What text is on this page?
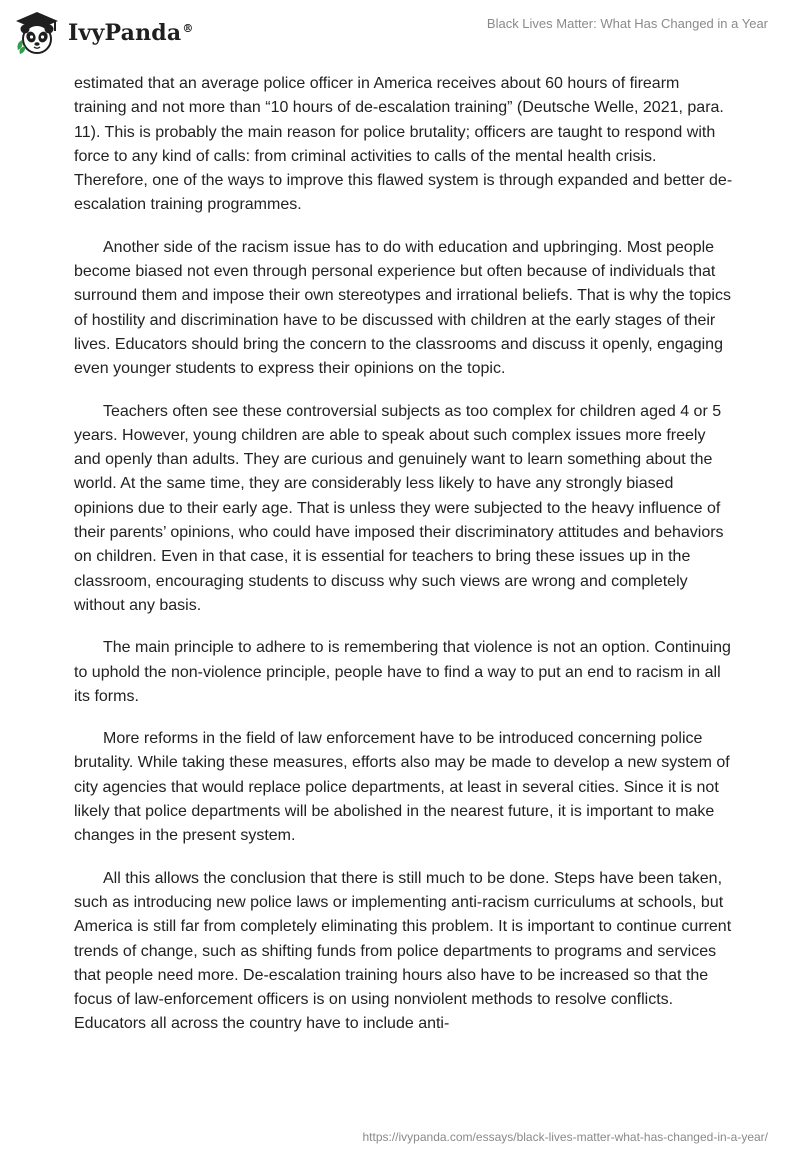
IvyPanda®	Black Lives Matter: What Has Changed in a Year

estimated that an average police officer in America receives about 60 hours of firearm training and not more than “10 hours of de-escalation training” (Deutsche Welle, 2021, para. 11). This is probably the main reason for police brutality; officers are taught to respond with force to any kind of calls: from criminal activities to calls of the mental health crisis. Therefore, one of the ways to improve this flawed system is through expanded and better de-escalation training programmes.

Another side of the racism issue has to do with education and upbringing. Most people become biased not even through personal experience but often because of individuals that surround them and impose their own stereotypes and irrational beliefs. That is why the topics of hostility and discrimination have to be discussed with children at the early stages of their lives. Educators should bring the concern to the classrooms and discuss it openly, engaging even younger students to express their opinions on the topic.

Teachers often see these controversial subjects as too complex for children aged 4 or 5 years. However, young children are able to speak about such complex issues more freely and openly than adults. They are curious and genuinely want to learn something about the world. At the same time, they are considerably less likely to have any strongly biased opinions due to their early age. That is unless they were subjected to the heavy influence of their parents’ opinions, who could have imposed their discriminatory attitudes and behaviors on children. Even in that case, it is essential for teachers to bring these issues up in the classroom, encouraging students to discuss why such views are wrong and completely without any basis.

The main principle to adhere to is remembering that violence is not an option. Continuing to uphold the non-violence principle, people have to find a way to put an end to racism in all its forms.

More reforms in the field of law enforcement have to be introduced concerning police brutality. While taking these measures, efforts also may be made to develop a new system of city agencies that would replace police departments, at least in several cities. Since it is not likely that police departments will be abolished in the nearest future, it is important to make changes in the present system.

All this allows the conclusion that there is still much to be done. Steps have been taken, such as introducing new police laws or implementing anti-racism curriculums at schools, but America is still far from completely eliminating this problem. It is important to continue current trends of change, such as shifting funds from police departments to programs and services that people need more. De-escalation training hours also have to be increased so that the focus of law-enforcement officers is on using nonviolent methods to resolve conflicts. Educators all across the country have to include anti-

https://ivypanda.com/essays/black-lives-matter-what-has-changed-in-a-year/
